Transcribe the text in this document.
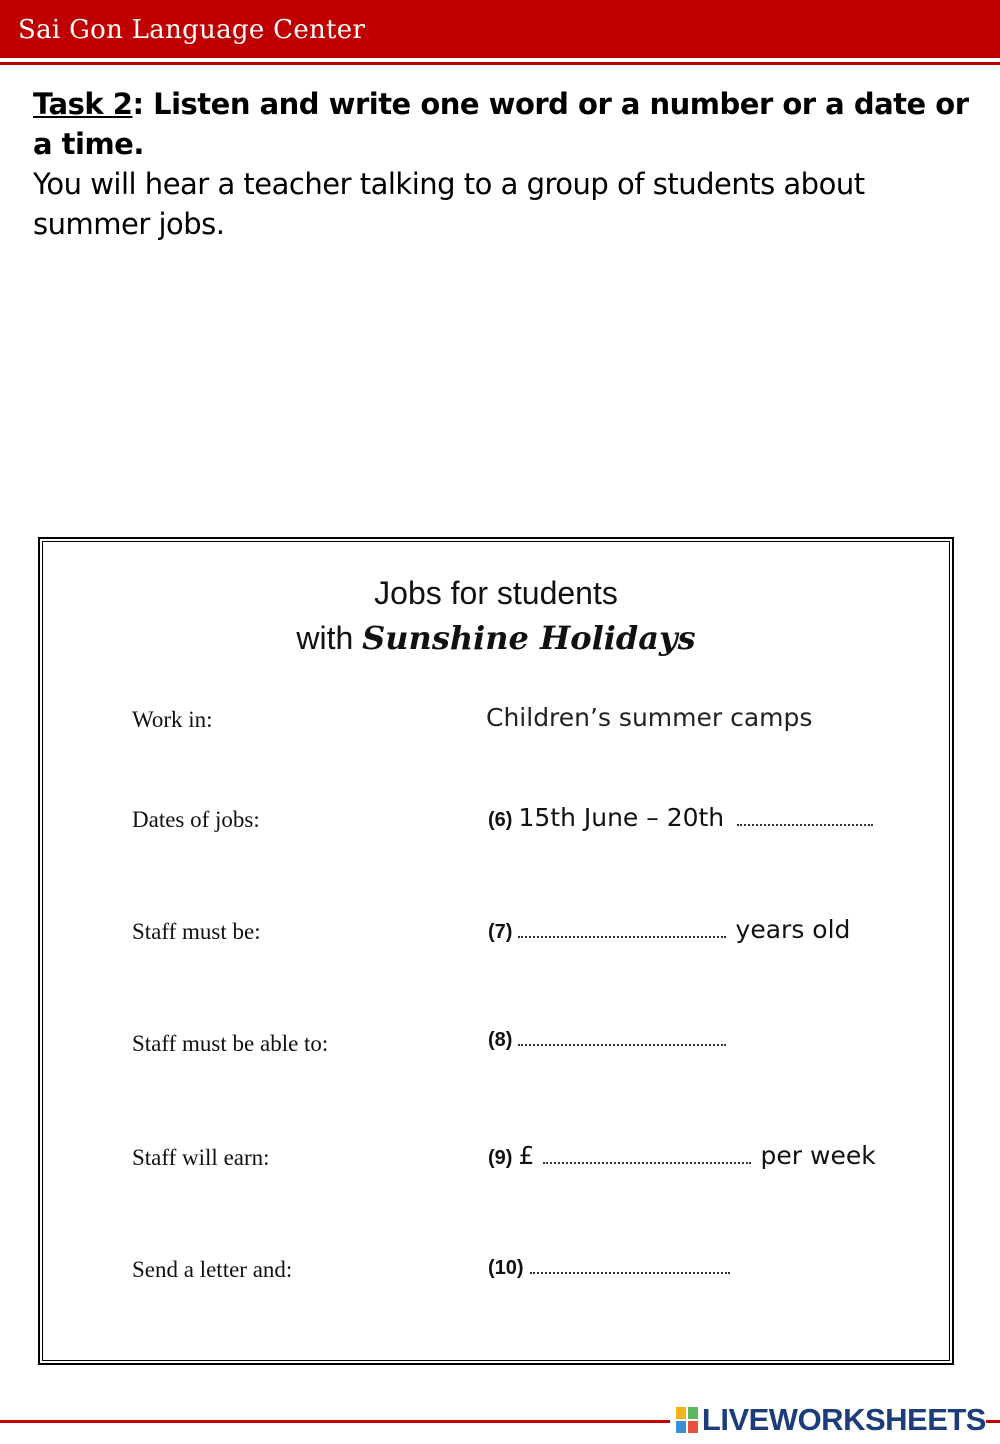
Sai Gon Language Center
Task 2: Listen and write one word or a number or a date or a time.
You will hear a teacher talking to a group of students about summer jobs.
Jobs for students
with Sunshine Holidays
Work in:	Children’s summer camps
Dates of jobs:	(6) 15th June – 20th
Staff must be:	(7)	years old
Staff must be able to:	(8)
Staff will earn:	(9) £	per week
Send a letter and:	(10)
LIVEWORKSHEETS
